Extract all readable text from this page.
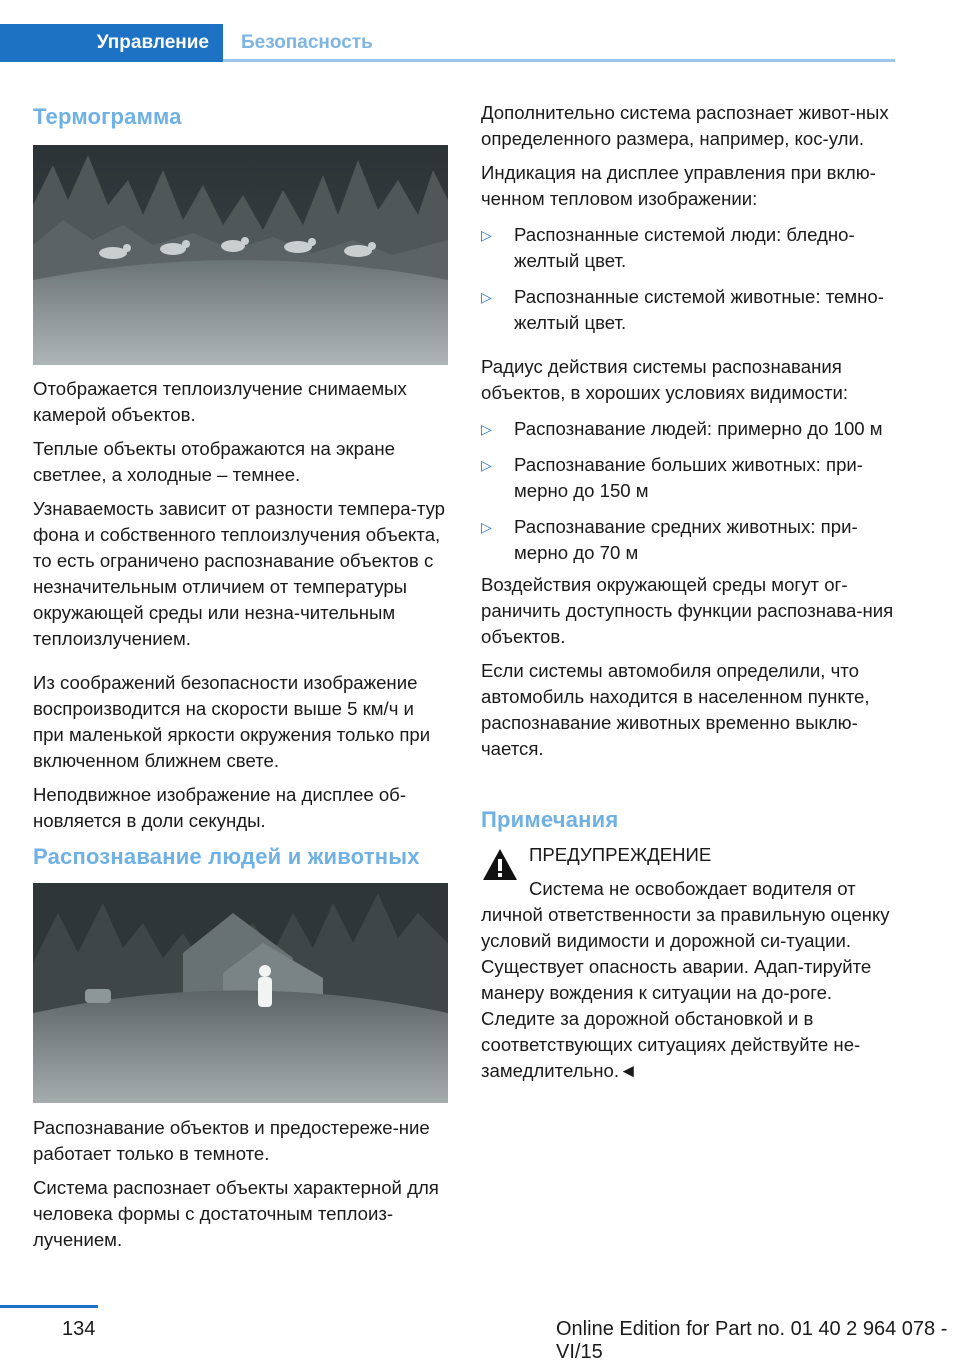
Управление	Безопасность
Термограмма

Отображается теплоизлучение снимаемых камерой объектов.

Теплые объекты отображаются на экране светлее, а холодные – темнее.

Узнаваемость зависит от разности темпера‐тур фона и собственного теплоизлучения объекта, то есть ограничено распознавание объектов с незначительным отличием от температуры окружающей среды или незна‐чительным теплоизлучением.

Из соображений безопасности изображение воспроизводится на скорости выше 5 км/ч и при маленькой яркости окружения только при включенном ближнем свете.

Неподвижное изображение на дисплее об‐новляется в доли секунды.

Распознавание людей и животных

Распознавание объектов и предостереже‐ние работает только в темноте.

Система распознает объекты характерной для человека формы с достаточным теплоиз‐лучением.

Дополнительно система распознает живот‐ных определенного размера, например, кос‐ули.

Индикация на дисплее управления при вклю‐ченном тепловом изображении:

▷ Распознанные системой люди: бледно-желтый цвет.
▷ Распознанные системой животные: темно-желтый цвет.

Радиус действия системы распознавания объектов, в хороших условиях видимости:

▷ Распознавание людей: примерно до 100 м
▷ Распознавание больших животных: при‐мерно до 150 м
▷ Распознавание средних животных: при‐мерно до 70 м

Воздействия окружающей среды могут ог‐раничить доступность функции распознава‐ния объектов.

Если системы автомобиля определили, что автомобиль находится в населенном пункте, распознавание животных временно выклю‐чается.

Примечания

ПРЕДУПРЕЖДЕНИЕ

Система не освобождает водителя от личной ответственности за правильную оценку условий видимости и дорожной си‐туации. Существует опасность аварии. Адап‐тируйте манеру вождения к ситуации на до‐роге. Следите за дорожной обстановкой и в соответствующих ситуациях действуйте не‐замедлительно.◄

134	Online Edition for Part no. 01 40 2 964 078 - VI/15
